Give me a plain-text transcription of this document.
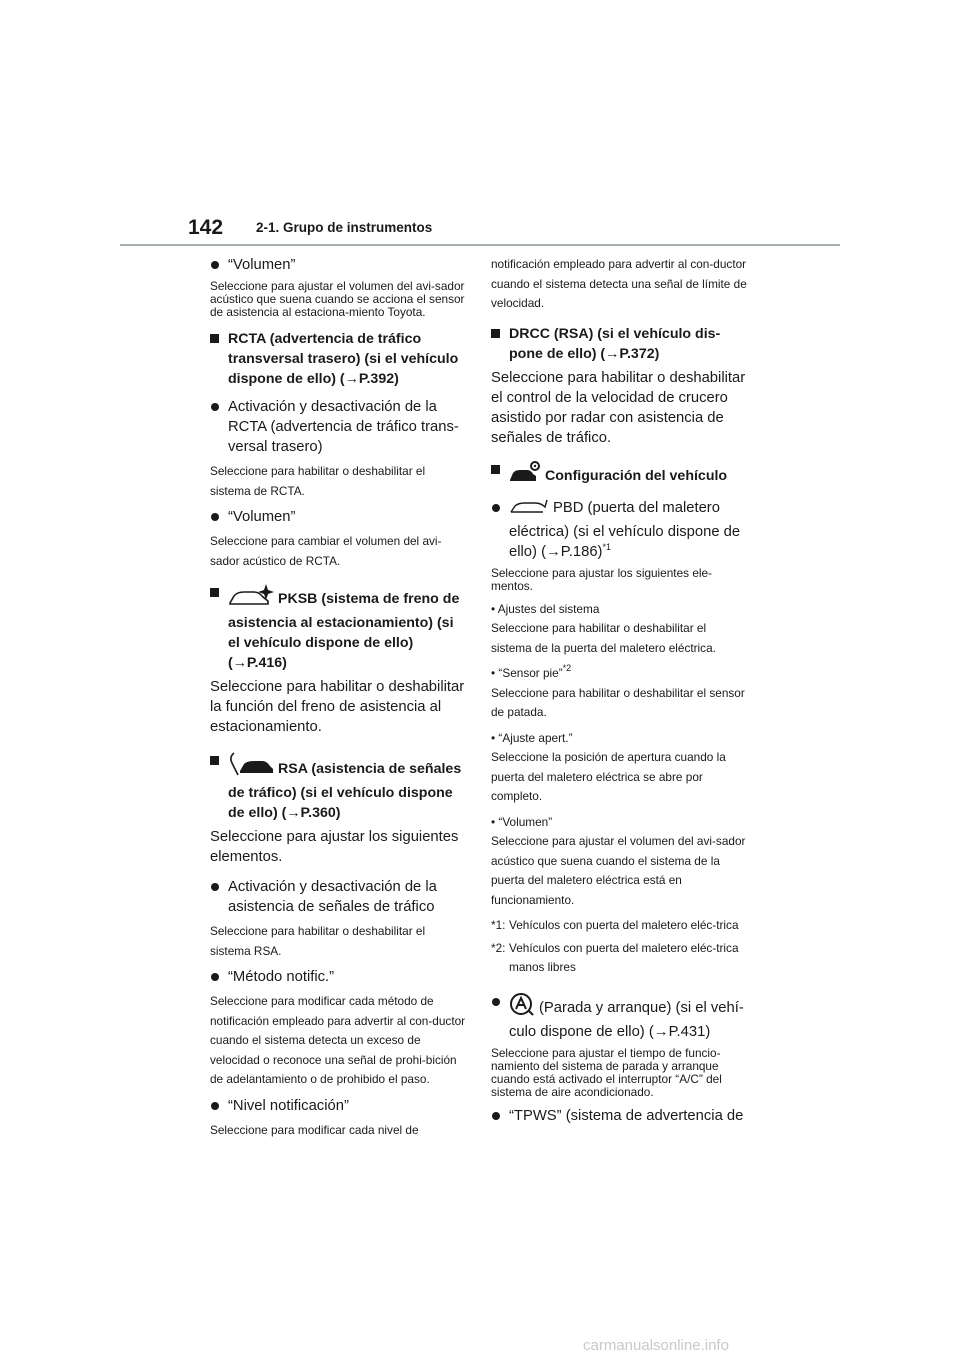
142 2-1. Grupo de instrumentos
“Volumen”

Seleccione para ajustar el volumen del avi-sador acústico que suena cuando se acciona el sensor de asistencia al estaciona-miento Toyota.

RCTA (advertencia de tráfico transversal trasero) (si el vehículo dispone de ello) (→P.392)
Activación y desactivación de la RCTA (advertencia de tráfico trans-versal trasero)

Seleccione para habilitar o deshabilitar el sistema de RCTA.

“Volumen”

Seleccione para cambiar el volumen del avi-sador acústico de RCTA.

PKSB (sistema de freno de asistencia al estacionamiento) (si el vehículo dispone de ello) (→P.416)

Seleccione para habilitar o deshabilitar la función del freno de asistencia al estacionamiento.

RSA (asistencia de señales de tráfico) (si el vehículo dispone de ello) (→P.360)

Seleccione para ajustar los siguientes elementos.

Activación y desactivación de la asistencia de señales de tráfico

Seleccione para habilitar o deshabilitar el sistema RSA.

“Método notific.”

Seleccione para modificar cada método de notificación empleado para advertir al con-ductor cuando el sistema detecta un exceso de velocidad o reconoce una señal de prohi-bición de adelantamiento o de prohibido el paso.

“Nivel notificación”

Seleccione para modificar cada nivel de

notificación empleado para advertir al con-ductor cuando el sistema detecta una señal de límite de velocidad.

DRCC (RSA) (si el vehículo dis-pone de ello) (→P.372)

Seleccione para habilitar o deshabilitar el control de la velocidad de crucero asistido por radar con asistencia de señales de tráfico.

Configuración del vehículo
PBD (puerta del maletero eléctrica) (si el vehículo dispone de ello) $(\to P.186)^{*1}$

Seleccione para ajustar los siguientes ele-mentos.

• Ajustes del sistema

Seleccione para habilitar o deshabilitar el sistema de la puerta del maletero eléctrica.

• “Sensor pie”$^{*2}$

Seleccione para habilitar o deshabilitar el sensor de patada.

• “Ajuste apert.”

Seleccione la posición de apertura cuando la puerta del maletero eléctrica se abre por completo.

• “Volumen”

Seleccione para ajustar el volumen del avi-sador acústico que suena cuando el sistema de la puerta del maletero eléctrica está en funcionamiento.

*1: Vehículos con puerta del maletero eléc-trica
*2: Vehículos con puerta del maletero eléc-trica manos libres
(Parada y arranque) (si el vehí-culo dispone de ello) (→P.431)

Seleccione para ajustar el tiempo de funcio-namiento del sistema de parada y arranque cuando está activado el interruptor “A/C” del sistema de aire acondicionado.

“TPWS” (sistema de advertencia de
carmanualsonline.info
